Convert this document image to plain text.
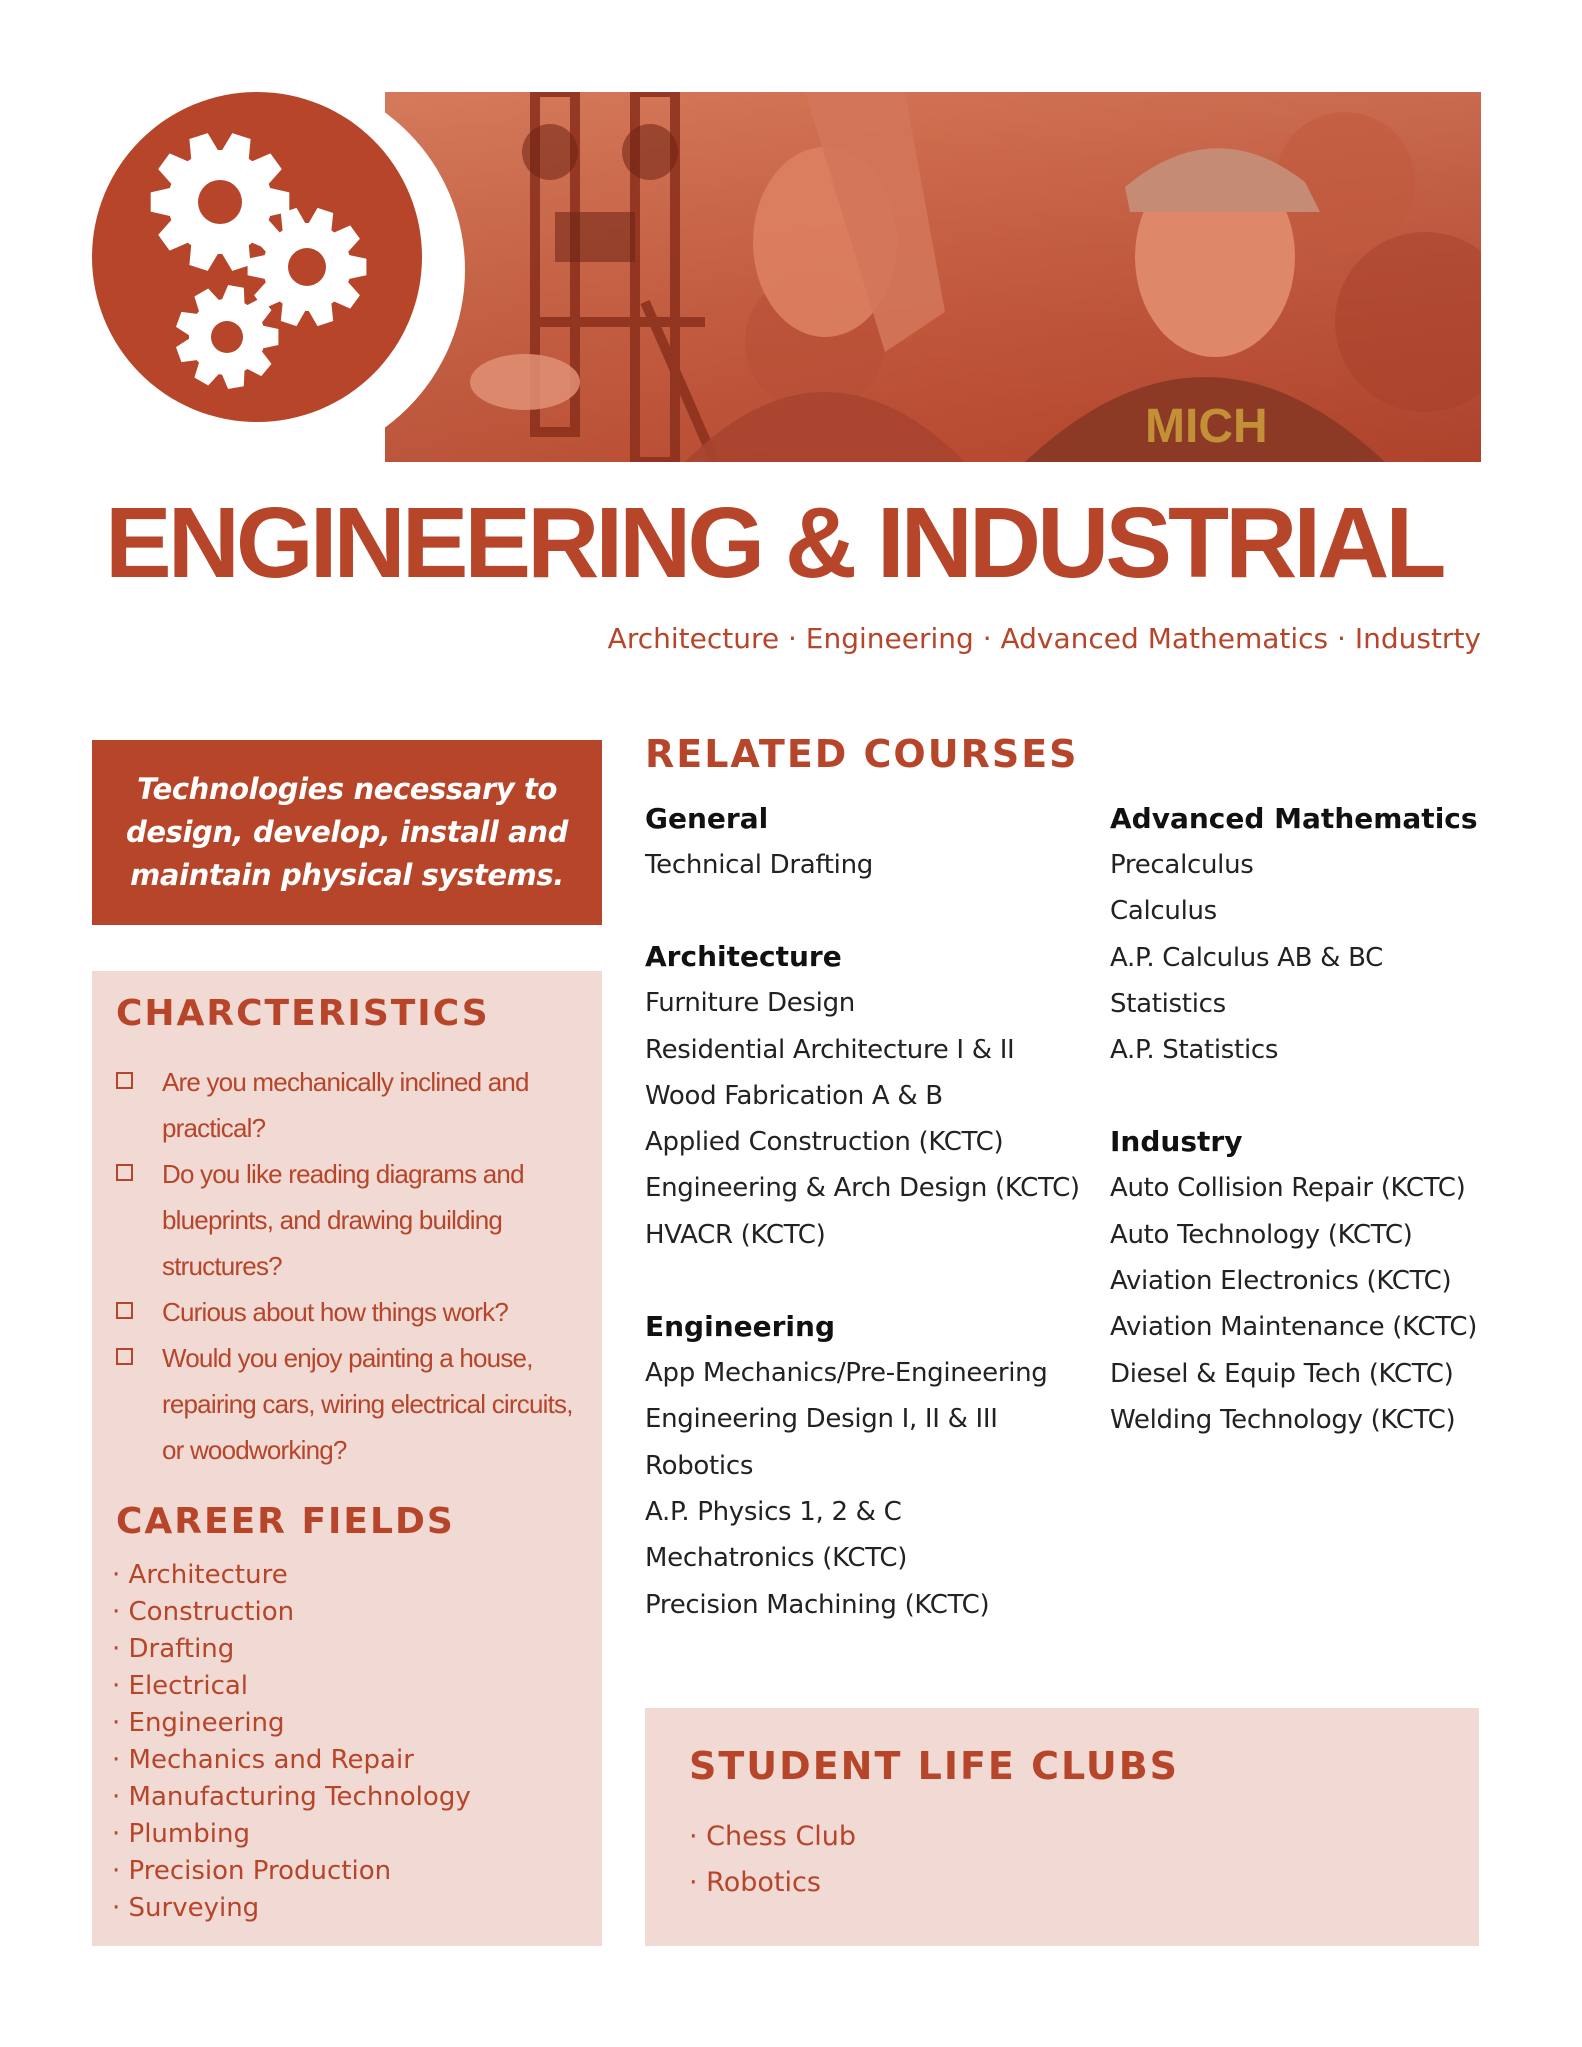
MICH
ENGINEERING & INDUSTRIAL

Architecture · Engineering · Advanced Mathematics · Industrty

Technologies necessary to design, develop, install and maintain physical systems.

CHARCTERISTICS
Are you mechanically inclined and practical?
Do you like reading diagrams and blueprints, and drawing building structures?
Curious about how things work?
Would you enjoy painting a house, repairing cars, wiring electrical circuits, or woodworking?
CAREER FIELDS
· Architecture
· Construction
· Drafting
· Electrical
· Engineering
· Mechanics and Repair
· Manufacturing Technology
· Plumbing
· Precision Production
· Surveying
RELATED COURSES
General
Technical Drafting
Architecture
Furniture Design
Residential Architecture I & II
Wood Fabrication A & B
Applied Construction (KCTC)
Engineering & Arch Design (KCTC)
HVACR (KCTC)
Engineering
App Mechanics/Pre-Engineering
Engineering Design I, II & III
Robotics
A.P. Physics 1, 2 & C
Mechatronics (KCTC)
Precision Machining (KCTC)
Advanced Mathematics
Precalculus
Calculus
A.P. Calculus AB & BC
Statistics
A.P. Statistics
Industry
Auto Collision Repair (KCTC)
Auto Technology (KCTC)
Aviation Electronics (KCTC)
Aviation Maintenance (KCTC)
Diesel & Equip Tech (KCTC)
Welding Technology (KCTC)
STUDENT LIFE CLUBS
· Chess Club
· Robotics
